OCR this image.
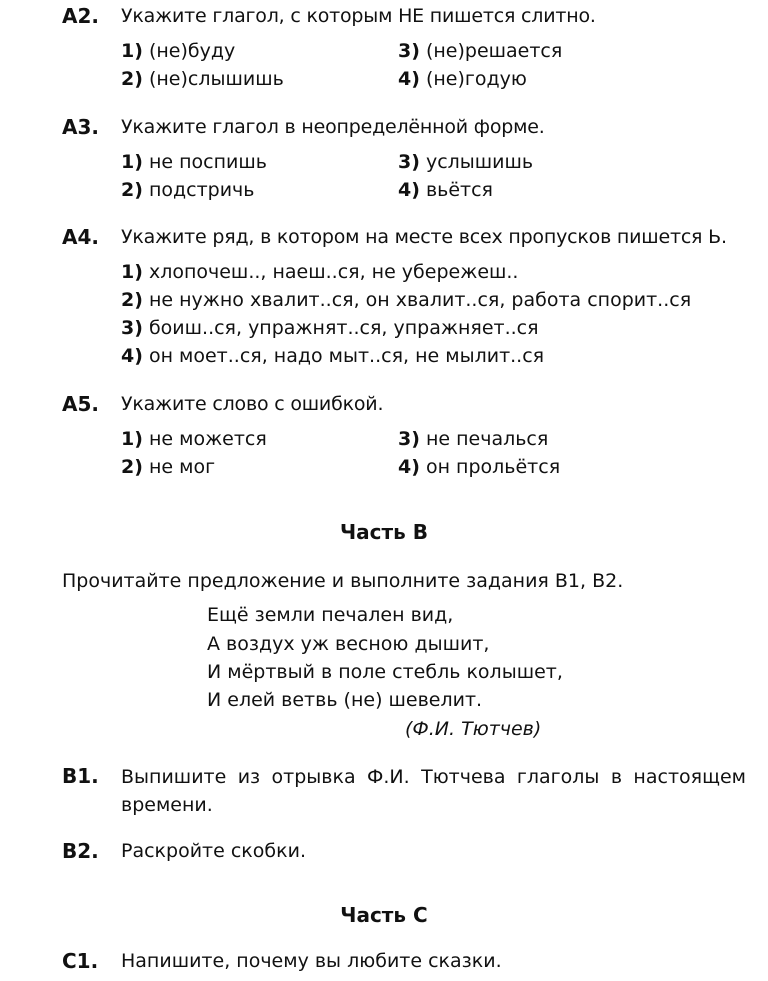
А2. Укажите глагол, с которым НЕ пишется слитно.
1) (не)буду
2) (не)слышишь
3) (не)решается
4) (не)годую
А3. Укажите глагол в неопределённой форме.
1) не поспишь
2) подстричь
3) услышишь
4) вьётся
А4. Укажите ряд, в котором на месте всех пропусков пишется Ь.
1) хлопочеш.., наеш..ся, не убережеш..
2) не нужно хвалит..ся, он хвалит..ся, работа спорит..ся
3) боиш..ся, упражнят..ся, упражняет..ся
4) он моет..ся, надо мыт..ся, не мылит..ся
А5. Укажите слово с ошибкой.
1) не можется
2) не мог
3) не печалься
4) он прольётся
Часть В
Прочитайте предложение и выполните задания В1, В2.
Ещё земли печален вид,
А воздух уж весною дышит,
И мёртвый в поле стебль колышет,
И елей ветвь (не) шевелит.
(Ф.И. Тютчев)
В1. Выпишите из отрывка Ф.И. Тютчева глаголы в настоящем времени.
В2. Раскройте скобки.
Часть С
С1. Напишите, почему вы любите сказки.
